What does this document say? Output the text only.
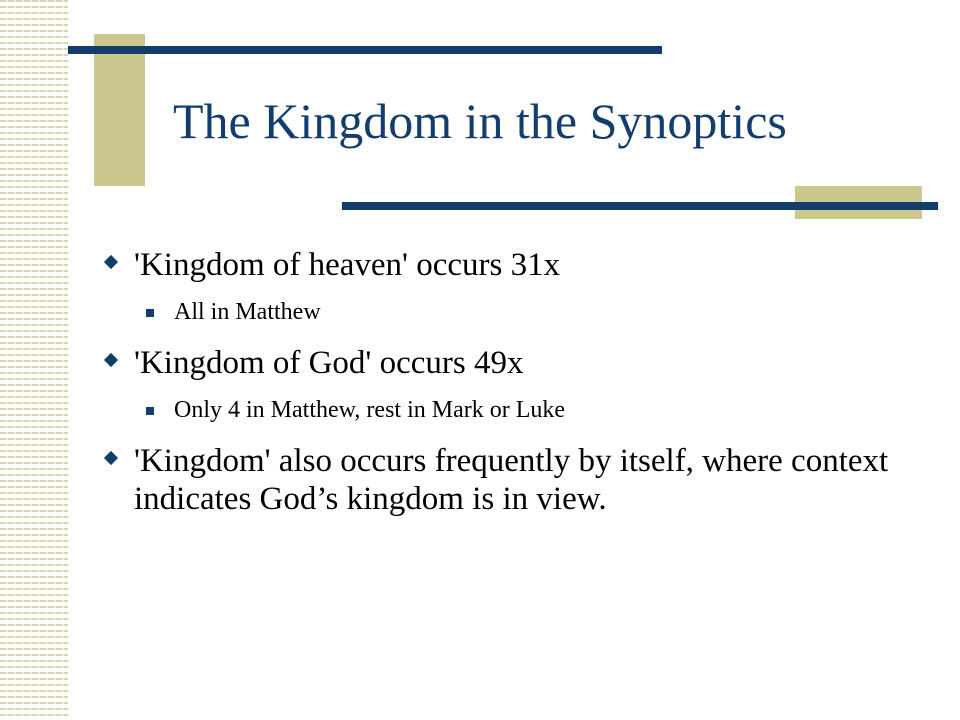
The Kingdom in the Synoptics
'Kingdom of heaven' occurs 31x
All in Matthew
'Kingdom of God' occurs 49x
Only 4 in Matthew, rest in Mark or Luke
'Kingdom' also occurs frequently by itself, where context indicates God’s kingdom is in view.
